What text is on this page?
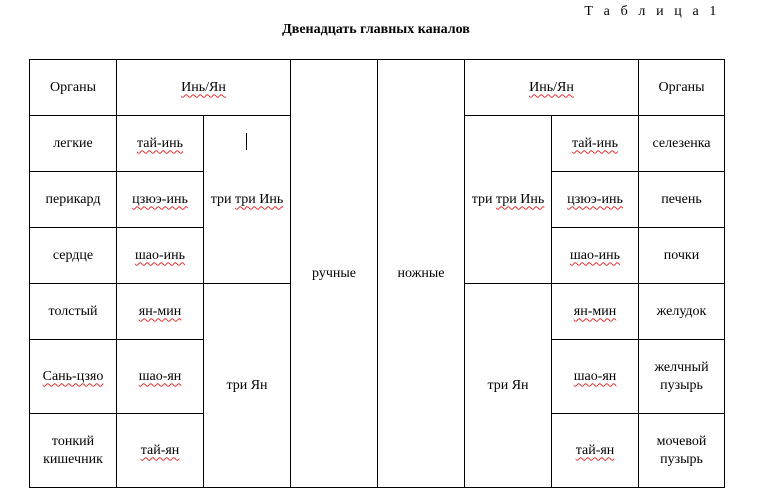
Т а б л и ц а 1
Двенадцать главных каналов
Органы	Инь/Ян		ручные	ножные	Инь/Ян		Органы
легкие	тай-инь	три три Инь			три три Инь	тай-инь	селезенка
перикард	цзюэ-инь					цзюэ-инь	печень
сердце	шао-инь					шао-инь	почки
толстый	ян-мин	три Ян			три Ян	ян-мин	желудок
Сань-цзяо	шао-ян					шао-ян	желчный пузырь
тонкий кишечник	тай-ян					тай-ян	мочевой пузырь
